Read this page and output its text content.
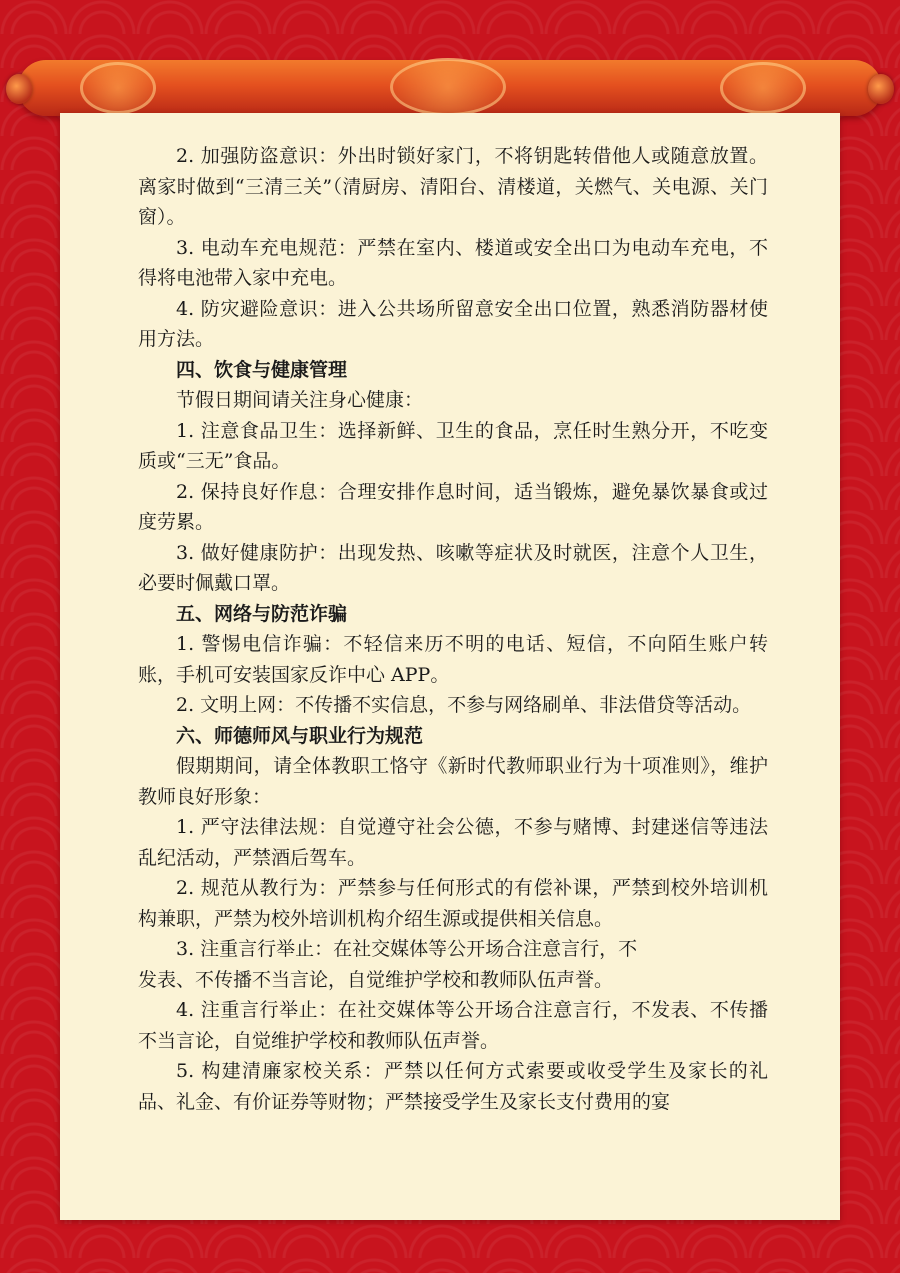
2. 加强防盗意识：外出时锁好家门，不将钥匙转借他人或随意放置。离家时做到“三清三关”（清厨房、清阳台、清楼道，关燃气、关电源、关门窗）。

3. 电动车充电规范：严禁在室内、楼道或安全出口为电动车充电，不得将电池带入家中充电。

4. 防灾避险意识：进入公共场所留意安全出口位置，熟悉消防器材使用方法。

四、饮食与健康管理

节假日期间请关注身心健康：

1. 注意食品卫生：选择新鲜、卫生的食品，烹任时生熟分开，不吃变质或“三无”食品。

2. 保持良好作息：合理安排作息时间，适当锻炼，避免暴饮暴食或过度劳累。

3. 做好健康防护：出现发热、咳嗽等症状及时就医，注意个人卫生，必要时佩戴口罩。

五、网络与防范诈骗

1. 警惕电信诈骗：不轻信来历不明的电话、短信，不向陌生账户转账，手机可安装国家反诈中心 APP。

2. 文明上网：不传播不实信息，不参与网络刷单、非法借贷等活动。

六、师德师风与职业行为规范

假期期间，请全体教职工恪守《新时代教师职业行为十项准则》，维护教师良好形象：

1. 严守法律法规：自觉遵守社会公德，不参与赌博、封建迷信等违法乱纪活动，严禁酒后驾车。

2. 规范从教行为：严禁参与任何形式的有偿补课，严禁到校外培训机构兼职，严禁为校外培训机构介绍生源或提供相关信息。

3. 注重言行举止：在社交媒体等公开场合注意言行，不
发表、不传播不当言论，自觉维护学校和教师队伍声誉。

4. 注重言行举止：在社交媒体等公开场合注意言行，不发表、不传播不当言论，自觉维护学校和教师队伍声誉。

5. 构建清廉家校关系：严禁以任何方式索要或收受学生及家长的礼品、礼金、有价证券等财物；严禁接受学生及家长支付费用的宴
